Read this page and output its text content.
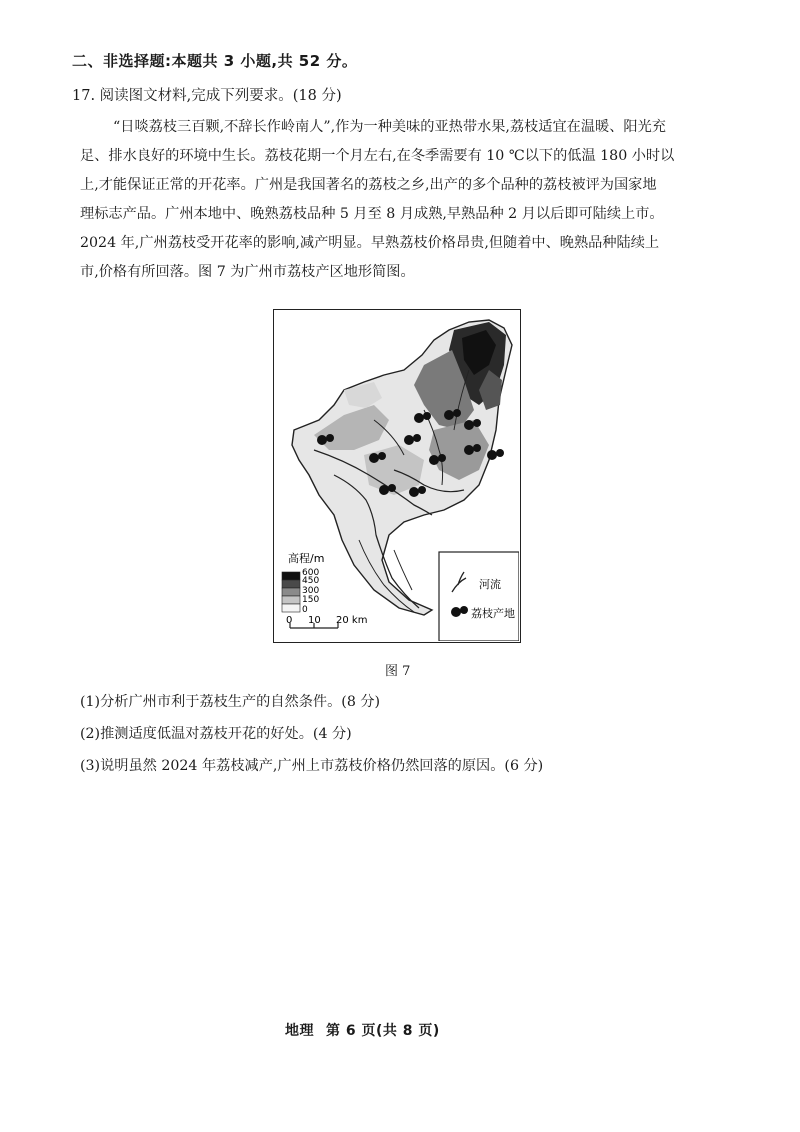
二、非选择题:本题共 3 小题,共 52 分。
17. 阅读图文材料,完成下列要求。(18 分)
“日啖荔枝三百颗,不辞长作岭南人”,作为一种美味的亚热带水果,荔枝适宜在温暖、阳光充
足、排水良好的环境中生长。荔枝花期一个月左右,在冬季需要有 10 ℃以下的低温 180 小时以
上,才能保证正常的开花率。广州是我国著名的荔枝之乡,出产的多个品种的荔枝被评为国家地
理标志产品。广州本地中、晚熟荔枝品种 5 月至 8 月成熟,早熟品种 2 月以后即可陆续上市。
2024 年,广州荔枝受开花率的影响,减产明显。早熟荔枝价格昂贵,但随着中、晚熟品种陆续上
市,价格有所回落。图 7 为广州市荔枝产区地形简图。
河流
荔枝产地
高程/m
600
450
300
150
0
0 10 20 km
图 7
(1)分析广州市利于荔枝生产的自然条件。(8 分)
(2)推测适度低温对荔枝开花的好处。(4 分)
(3)说明虽然 2024 年荔枝减产,广州上市荔枝价格仍然回落的原因。(6 分)
地理 第 6 页(共 8 页)
